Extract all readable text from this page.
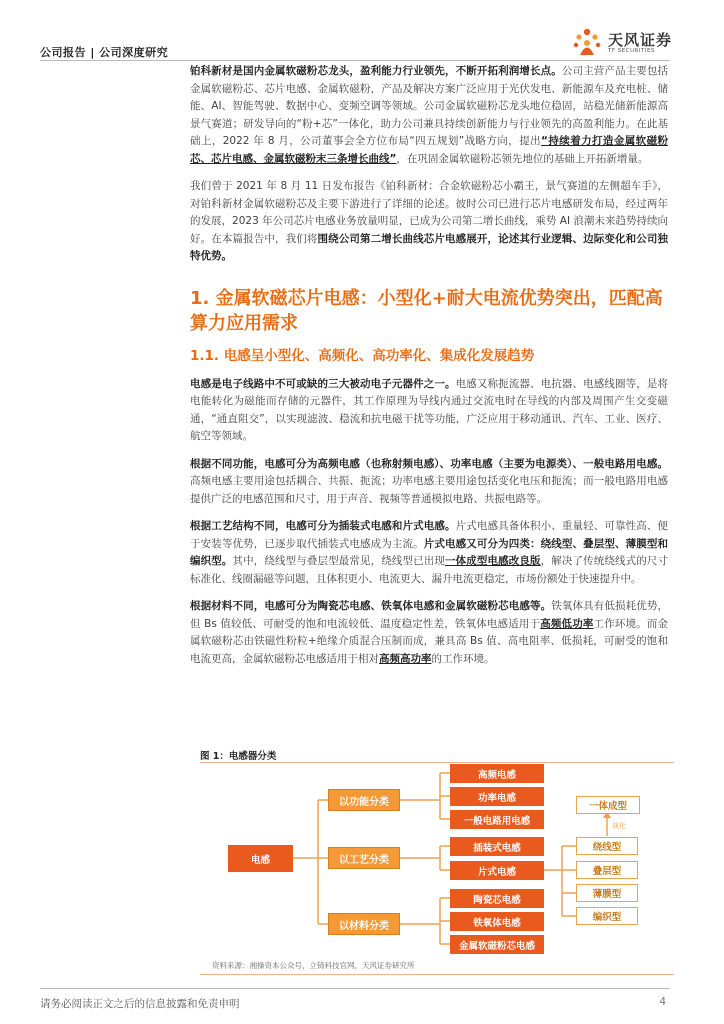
公司报告 | 公司深度研究
天风证券
TF SECURITIES

铂科新材是国内金属软磁粉芯龙头，盈利能力行业领先，不断开拓利润增长点。公司主营产品主要包括金属软磁粉芯、芯片电感、金属软磁粉，产品及解决方案广泛应用于光伏发电、新能源车及充电桩、储能、AI、智能驾驶、数据中心、变频空调等领域。公司金属软磁粉芯龙头地位稳固，站稳光储新能源高景气赛道；研发导向的“粉+芯”一体化，助力公司兼具持续创新能力与行业领先的高盈利能力。在此基础上，2022 年 8 月，公司董事会全方位布局“四五规划”战略方向，提出“持续着力打造金属软磁粉芯、芯片电感、金属软磁粉末三条增长曲线”，在巩固金属软磁粉芯领先地位的基础上开拓新增量。

我们曾于 2021 年 8 月 11 日发布报告《铂科新材：合金软磁粉芯小霸王，景气赛道的左侧超车手》，对铂科新材金属软磁粉芯及主要下游进行了详细的论述。彼时公司已进行芯片电感研发布局，经过两年的发展，2023 年公司芯片电感业务放量明显，已成为公司第二增长曲线，乘势 AI 浪潮未来趋势持续向好。在本篇报告中，我们将围绕公司第二增长曲线芯片电感展开，论述其行业逻辑、边际变化和公司独特优势。

1. 金属软磁芯片电感：小型化+耐大电流优势突出，匹配高算力应用需求
1.1. 电感呈小型化、高频化、高功率化、集成化发展趋势

电感是电子线路中不可或缺的三大被动电子元器件之一。电感又称扼流器、电抗器、电感线圈等，是将电能转化为磁能而存储的元器件，其工作原理为导线内通过交流电时在导线的内部及周围产生交变磁通，“通直阻交”，以实现滤波、稳流和抗电磁干扰等功能，广泛应用于移动通讯、汽车、工业、医疗、航空等领域。

根据不同功能，电感可分为高频电感（也称射频电感）、功率电感（主要为电源类）、一般电路用电感。高频电感主要用途包括耦合、共振、扼流；功率电感主要用途包括变化电压和扼流；而一般电路用电感提供广泛的电感范围和尺寸，用于声音、视频等普通模拟电路、共振电路等。

根据工艺结构不同，电感可分为插装式电感和片式电感。片式电感具备体积小、重量轻、可靠性高、便于安装等优势，已逐步取代插装式电感成为主流。片式电感又可分为四类：绕线型、叠层型、薄膜型和编织型。其中，绕线型与叠层型最常见，绕线型已出现一体成型电感改良版，解决了传统绕线式的尺寸标准化、线圈漏磁等问题，且体积更小、电流更大、漏升电流更稳定，市场份额处于快速提升中。

根据材料不同，电感可分为陶瓷芯电感、铁氧体电感和金属软磁粉芯电感等。铁氧体具有低损耗优势，但 Bs 值较低、可耐受的饱和电流较低、温度稳定性差，铁氧体电感适用于高频低功率工作环境。而金属软磁粉芯由铁磁性粉粒+绝缘介质混合压制而成，兼具高 Bs 值、高电阻率、低损耗，可耐受的饱和电流更高，金属软磁粉芯电感适用于相对高频高功率的工作环境。

图 1：电感器分类
电感
以功能分类
以工艺分类
以材料分类
高频电感
功率电感
一般电路用电感
插装式电感
片式电感
陶瓷芯电感
铁氧体电感
金属软磁粉芯电感
一体成型
演化
绕线型
叠层型
薄膜型
编织型
资料来源：湘操资本公众号，立锜科技官网，天风证券研究所
请务必阅读正文之后的信息披露和免责申明	4
